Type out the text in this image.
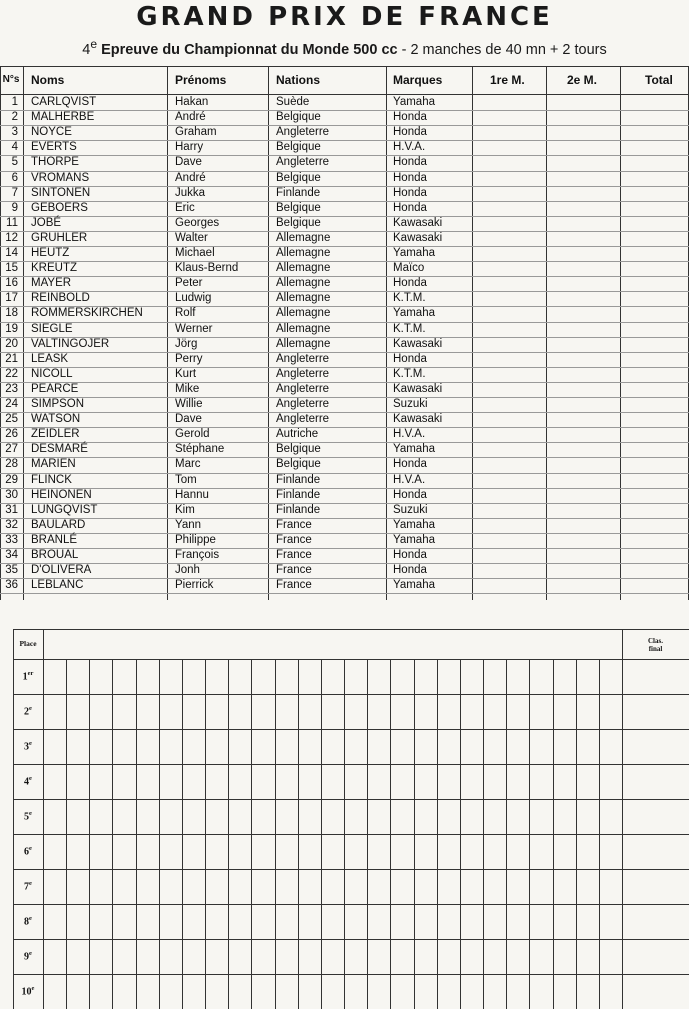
GRAND PRIX DE FRANCE
4e Epreuve du Championnat du Monde 500 cc - 2 manches de 40 mn + 2 tours
N°s Noms	Prénoms	Nations	Marques	1re M.	2e M.	Total
1 CARLQVIST	Hakan	Suède	Yamaha
2 MALHERBE	André	Belgique	Honda
3 NOYCE	Graham	Angleterre	Honda
4 EVERTS	Harry	Belgique	H.V.A.
5 THORPE	Dave	Angleterre	Honda
6 VROMANS	André	Belgique	Honda
7 SINTONEN	Jukka	Finlande	Honda
9 GEBOERS	Eric	Belgique	Honda
11 JOBÉ	Georges	Belgique	Kawasaki
12 GRUHLER	Walter	Allemagne	Kawasaki
14 HEUTZ	Michael	Allemagne	Yamaha
15 KREUTZ	Klaus-Bernd	Allemagne	Maïco
16 MAYER	Peter	Allemagne	Honda
17 REINBOLD	Ludwig	Allemagne	K.T.M.
18 ROMMERSKIRCHEN	Rolf	Allemagne	Yamaha
19 SIEGLE	Werner	Allemagne	K.T.M.
20 VALTINGOJER	Jörg	Allemagne	Kawasaki
21 LEASK	Perry	Angleterre	Honda
22 NICOLL	Kurt	Angleterre	K.T.M.
23 PEARCE	Mike	Angleterre	Kawasaki
24 SIMPSON	Willie	Angleterre	Suzuki
25 WATSON	Dave	Angleterre	Kawasaki
26 ZEIDLER	Gerold	Autriche	H.V.A.
27 DESMARÉ	Stéphane	Belgique	Yamaha
28 MARIEN	Marc	Belgique	Honda
29 FLINCK	Tom	Finlande	H.V.A.
30 HEINONEN	Hannu	Finlande	Honda
31 LUNGQVIST	Kim	Finlande	Suzuki
32 BAULARD	Yann	France	Yamaha
33 BRANLÉ	Philippe	France	Yamaha
34 BROUAL	François	France	Honda
35 D'OLIVERA	Jonh	France	Honda
36 LEBLANC	Pierrick	France	Yamaha
Place	Clas.
final
1er
2e
3e
4e
5e
6e
7e
8e
9e
10e
